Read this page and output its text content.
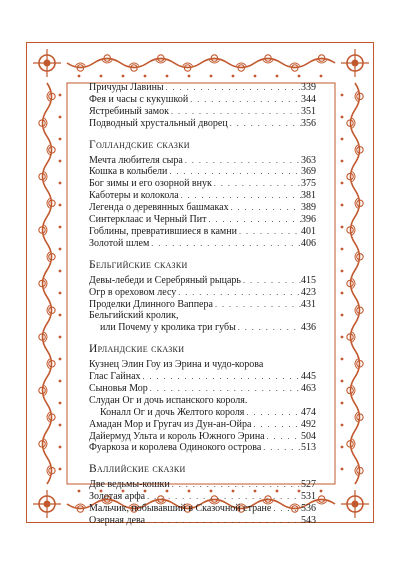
Причуды Лавины . . .	339
Фея и часы с кукушкой . . .	344
Ястребиный замок . . .	351
Подводный хрустальный дворец . . .	356
Голландские сказки
Мечта любителя сыра . . .	363
Кошка в колыбели . . .	369
Бог зимы и его озорной внук . . .	375
Каботеры и колокола . . .	381
Легенда о деревянных башмаках . . .	389
Синтерклаас и Черный Пит . . .	396
Гоблины, превратившиеся в камни . . .	401
Золотой шлем . . .	406
Бельгийские сказки
Девы-лебеди и Серебряный рыцарь . . .	415
Огр в ореховом лесу . . .	423
Проделки Длинного Ваппера . . .	431
Бельгийский кролик,
или Почему у кролика три губы . . .	436
Ирландские сказки
Кузнец Элин Гоу из Эрина и чудо-корова
Глас Гайнах . . .	445
Сыновья Мор . . .	463
Слудан Ог и дочь испанского короля.
Коналл Ог и дочь Желтого короля . . .	474
Амадан Мор и Гругач из Дун-ан-Ойра . . .	492
Дайермуд Ульта и король Южного Эрина . . .	504
Фуаркоза и королева Одинокого острова . . .	513
Валлийские сказки
Две ведьмы-кошки . . .	527
Золотая арфа . . .	531
Мальчик, побывавший в Сказочной стране . . .	536
Озерная дева . . .	543
